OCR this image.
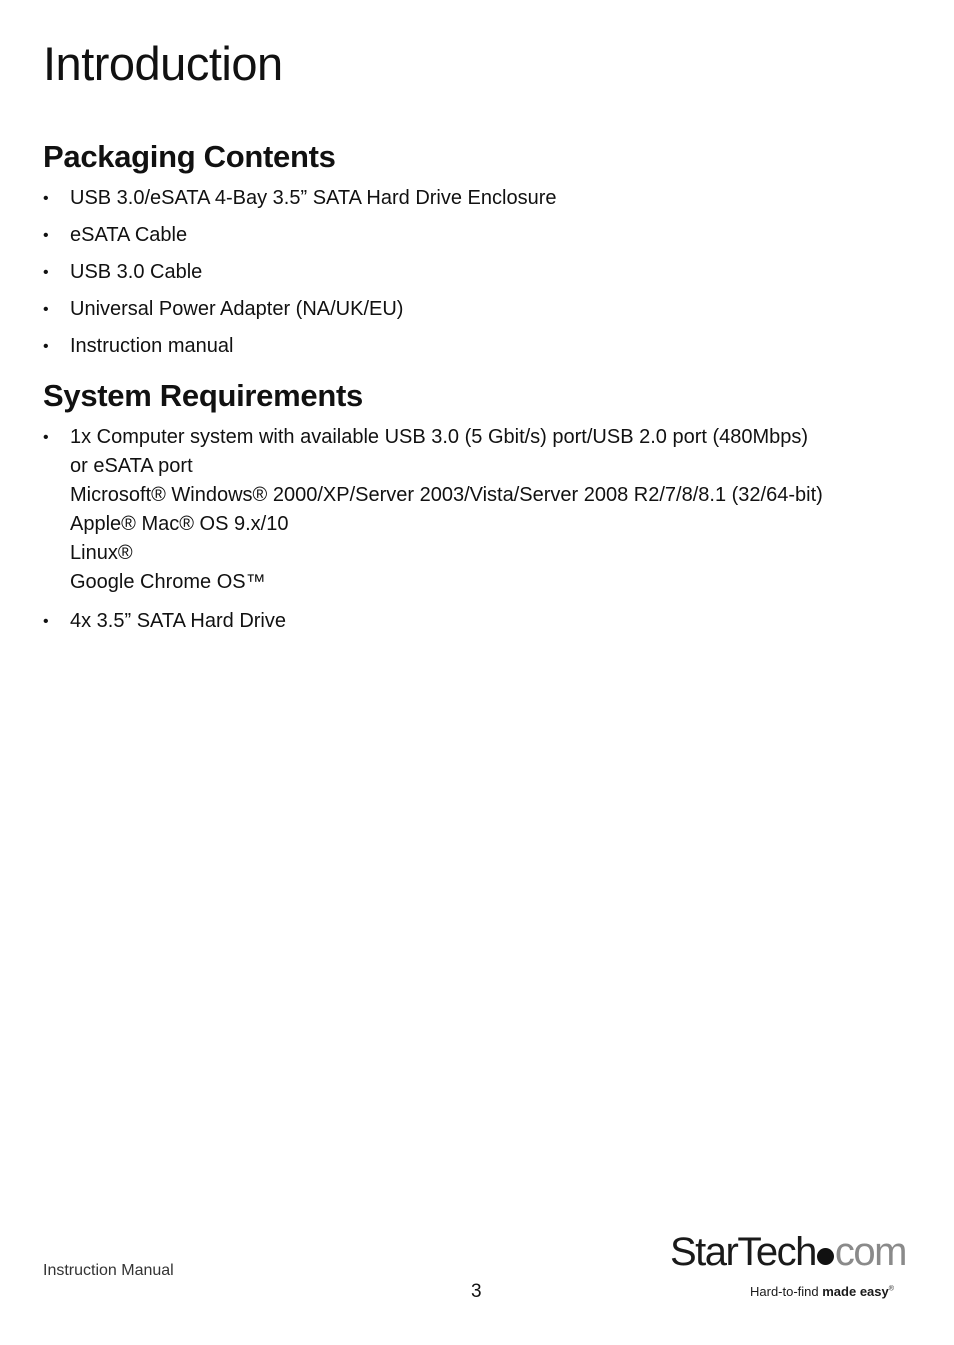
Introduction
Packaging Contents
• USB 3.0/eSATA 4-Bay 3.5” SATA Hard Drive Enclosure
• eSATA Cable
• USB 3.0 Cable
• Universal Power Adapter (NA/UK/EU)
• Instruction manual
System Requirements
• 1x Computer system with available USB 3.0 (5 Gbit/s) port/USB 2.0 port (480Mbps)
or eSATA port
Microsoft® Windows® 2000/XP/Server 2003/Vista/Server 2008 R2/7/8/8.1 (32/64-bit)
Apple® Mac® OS 9.x/10
Linux®
Google Chrome OS™
• 4x 3.5” SATA Hard Drive
Instruction Manual
3
StarTech com
Hard-to-find made easy®
